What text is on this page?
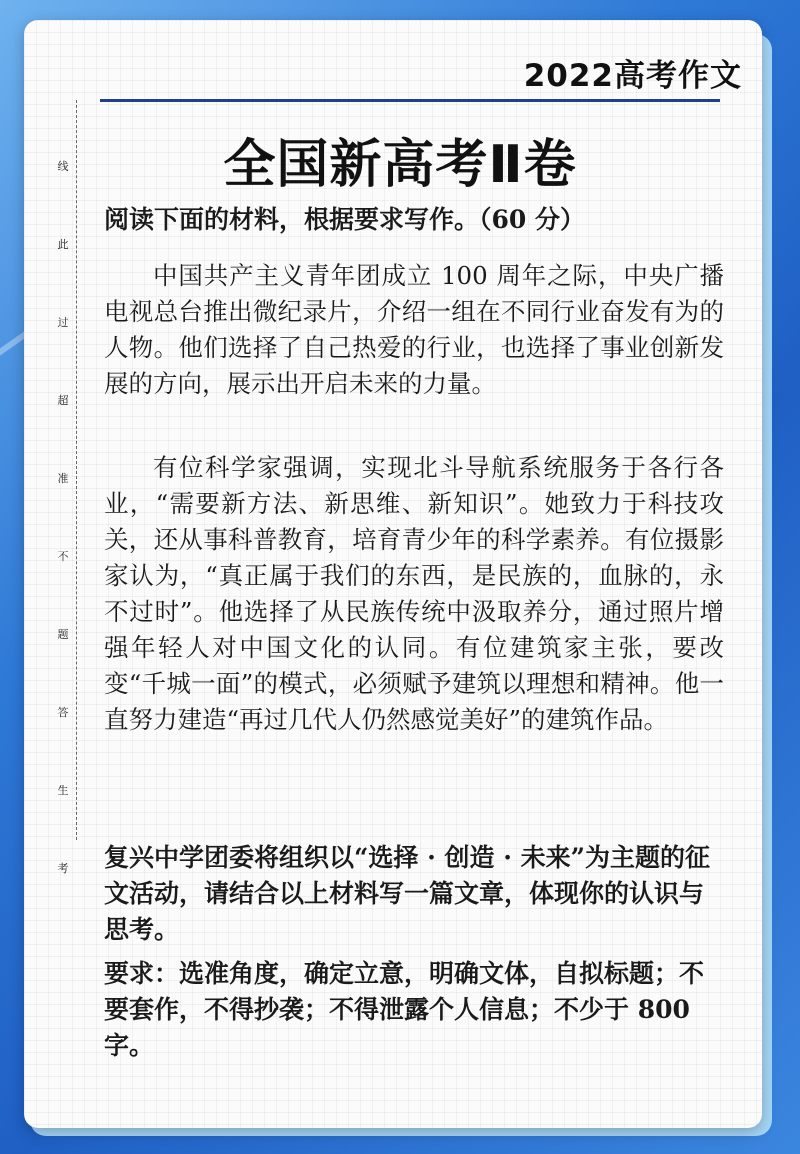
2022高考作文
线
此
过
超
准
不
题
答
生
考
全国新高考Ⅱ卷
阅读下面的材料，根据要求写作。（60 分）
中国共产主义青年团成立 100 周年之际，中央广播电视总台推出微纪录片，介绍一组在不同行业奋发有为的人物。他们选择了自己热爱的行业，也选择了事业创新发展的方向，展示出开启未来的力量。
有位科学家强调，实现北斗导航系统服务于各行各业，“需要新方法、新思维、新知识”。她致力于科技攻关，还从事科普教育，培育青少年的科学素养。有位摄影家认为，“真正属于我们的东西，是民族的，血脉的，永不过时”。他选择了从民族传统中汲取养分，通过照片增强年轻人对中国文化的认同。有位建筑家主张，要改变“千城一面”的模式，必须赋予建筑以理想和精神。他一直努力建造“再过几代人仍然感觉美好”的建筑作品。
复兴中学团委将组织以“选择 · 创造 · 未来”为主题的征文活动，请结合以上材料写一篇文章，体现你的认识与思考。
要求：选准角度，确定立意，明确文体，自拟标题；不要套作，不得抄袭；不得泄露个人信息；不少于 800 字。
